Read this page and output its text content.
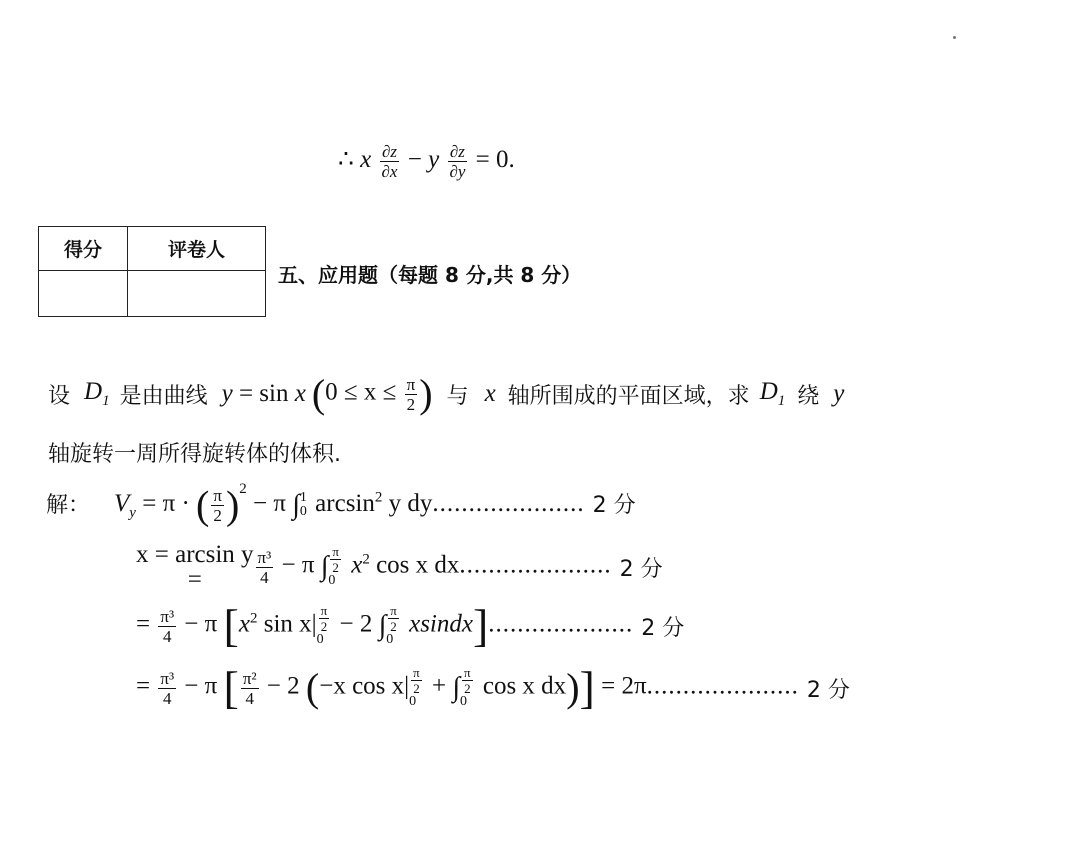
∴ x $\frac{\partial z}{\partial x} - y \frac{\partial z}{\partial y} = 0$.
得分	评卷人

五、应用题（每题 8 分,共 8 分）
设 $D_1$ 是由曲线 y = sin x ($0 \le x \le \frac{\pi}{2}$ ) 与 x 轴所围成的平面区域，求 $D_1$ 绕 y
轴旋转一周所得旋转体的体积.
解： $V_y = \pi$ · ( $\frac{\pi}{2} )^2 - \pi$ ∫ 1
0 $\arcsin^2 y$ dy..................... 2 分
x = arcsin y
=	$\frac{\text{π³}}{4} - \pi$ ∫ $\frac{\pi}{2}$
0
$x^2$ cos x dx..................... 2 分
= $\frac{\text{π³}}{4} - \pi$ [$x^2$ $\sin x| \frac{\pi}{2}$
0
− 2 ∫ $\frac{\pi}{2}$
0
xsindx].................... 2 分
= $\frac{\text{π³}}{4} - \pi$ [ $\frac{\text{π²}}{4} - 2$ (−x $\cos x| \frac{\pi}{2}$
0
+ ∫ $\frac{\pi}{2}$
0
cos x dx)] = 2π..................... 2 分
